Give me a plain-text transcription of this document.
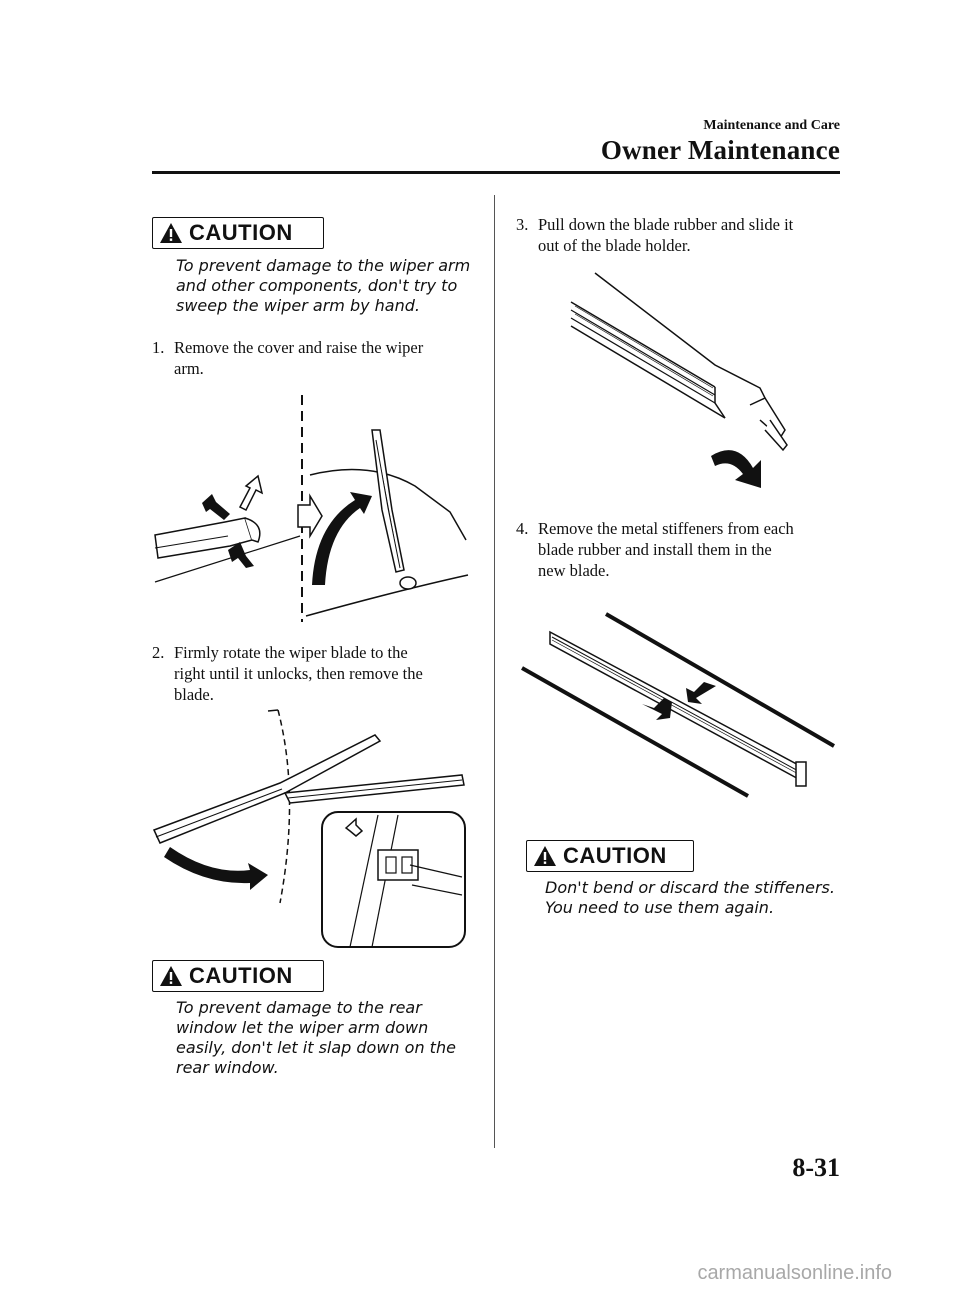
Maintenance and Care
Owner Maintenance
CAUTION
To prevent damage to the wiper arm
and other components, don't try to
sweep the wiper arm by hand.
1. Remove the cover and raise the wiper
arm.
2. Firmly rotate the wiper blade to the
right until it unlocks, then remove the
blade.
CAUTION
To prevent damage to the rear
window let the wiper arm down
easily, don't let it slap down on the
rear window.
3. Pull down the blade rubber and slide it
out of the blade holder.
4. Remove the metal stiffeners from each
blade rubber and install them in the
new blade.
CAUTION
Don't bend or discard the stiffeners.
You need to use them again.
8-31
carmanualsonline.info
